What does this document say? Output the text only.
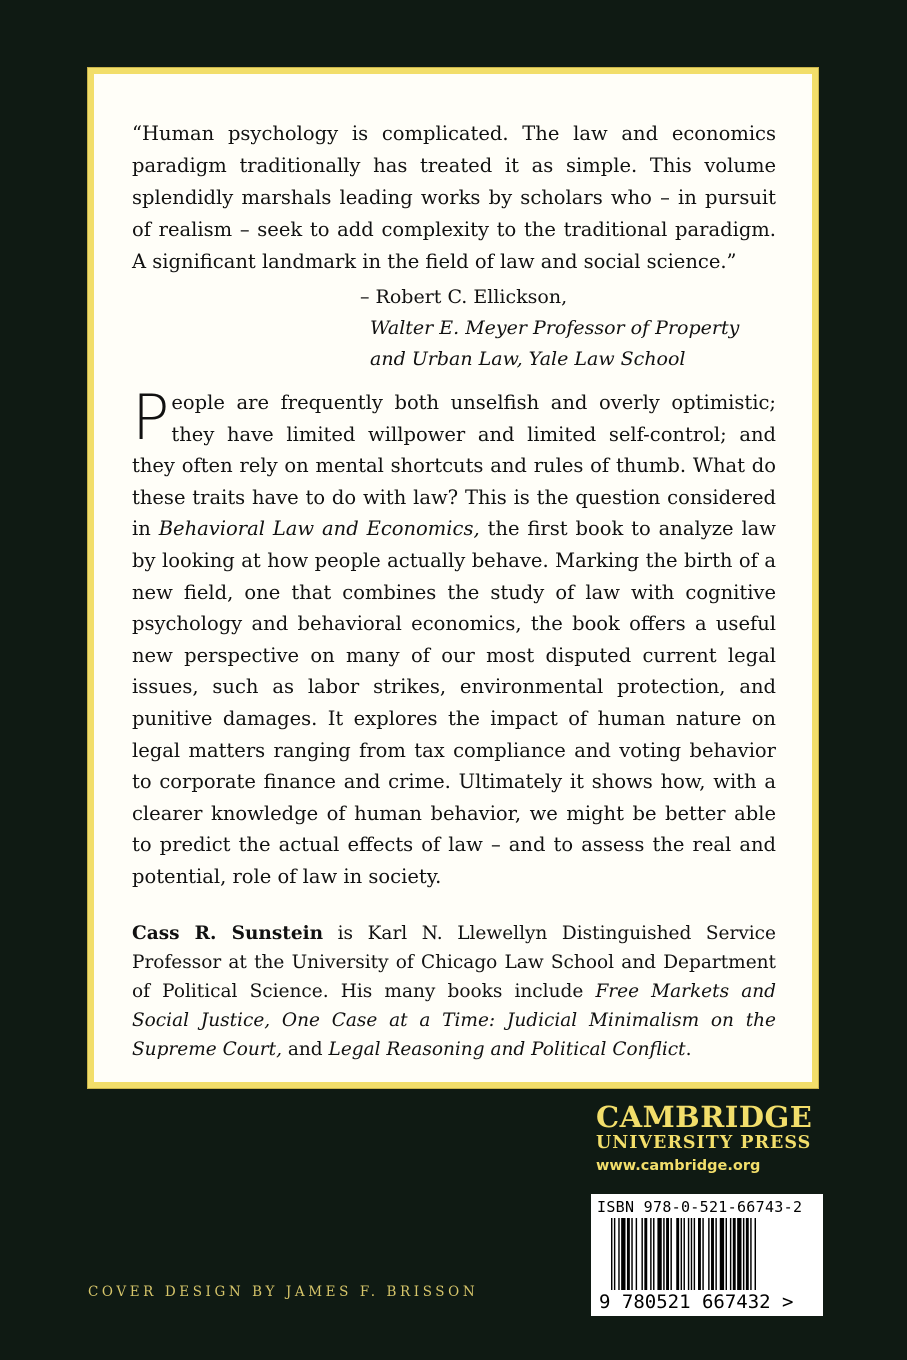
“Human psychology is complicated. The law and economics paradigm traditionally has treated it as simple. This volume splendidly marshals leading works by scholars who – in pursuit of realism – seek to add complexity to the traditional paradigm. A significant landmark in the field of law and social science.”

– Robert C. Ellickson,
Walter E. Meyer Professor of Property
and Urban Law, Yale Law School
People are frequently both unselfish and overly optimistic; they have limited willpower and limited self-control; and they often rely on mental shortcuts and rules of thumb. What do these traits have to do with law? This is the question considered in Behavioral Law and Economics, the first book to analyze law by looking at how people actually behave. Marking the birth of a new field, one that combines the study of law with cognitive psychology and behavioral economics, the book offers a useful new perspective on many of our most disputed current legal issues, such as labor strikes, environmental protection, and punitive damages. It explores the impact of human nature on legal matters ranging from tax compliance and voting behavior to corporate finance and crime. Ultimately it shows how, with a clearer knowledge of human behavior, we might be better able to predict the actual effects of law – and to assess the real and potential, role of law in society.
Cass R. Sunstein is Karl N. Llewellyn Distinguished Service Professor at the University of Chicago Law School and Department of Political Science. His many books include Free Markets and Social Justice, One Case at a Time: Judicial Minimalism on the Supreme Court, and Legal Reasoning and Political Conflict.
CAMBRIDGE
UNIVERSITY PRESS
www.cambridge.org
ISBN 978-0-521-66743-2
9 780521 667432 >
COVER DESIGN BY JAMES F. BRISSON
